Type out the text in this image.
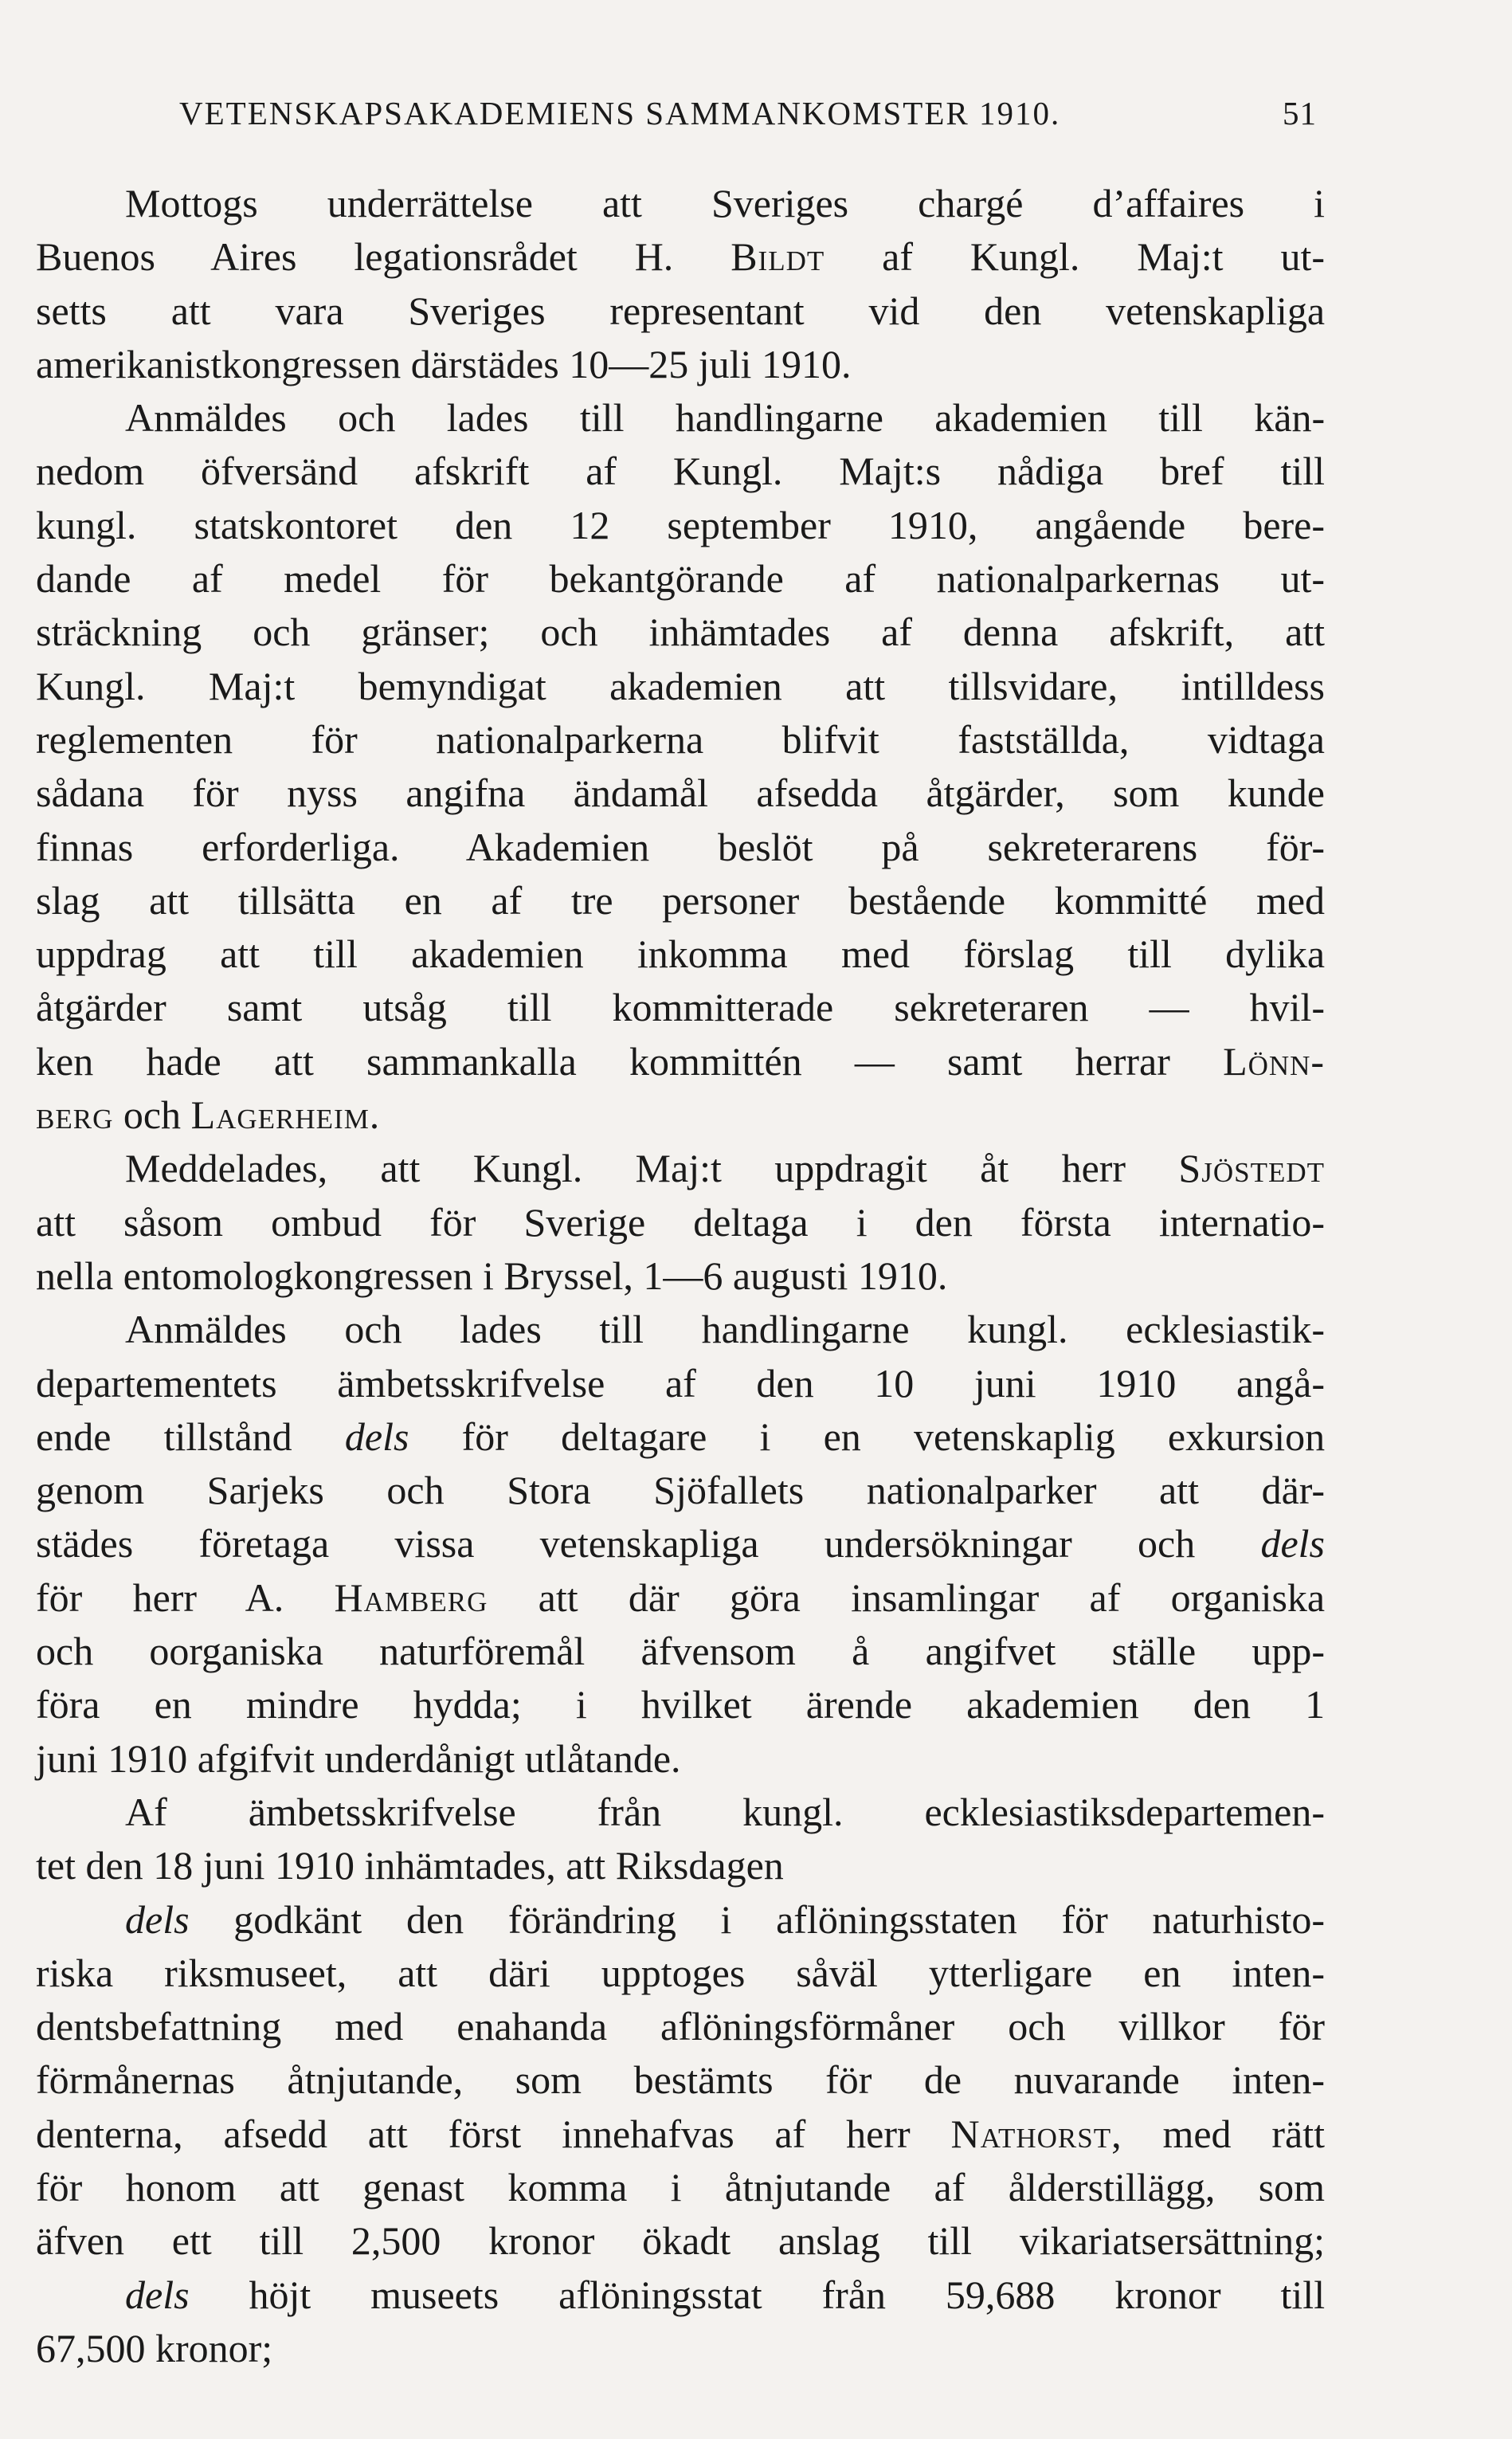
VETENSKAPSAKADEMIENS SAMMANKOMSTER 1910.	51
Mottogs underrättelse att Sveriges chargé d’affaires i
Buenos Aires legationsrådet H. Bildt af Kungl. Maj:t ut-
setts att vara Sveriges representant vid den vetenskapliga
amerikanistkongressen därstädes 10—25 juli 1910.
Anmäldes och lades till handlingarne akademien till kän-
nedom öfversänd afskrift af Kungl. Majt:s nådiga bref till
kungl. statskontoret den 12 september 1910, angående bere-
dande af medel för bekantgörande af nationalparkernas ut-
sträckning och gränser; och inhämtades af denna afskrift, att
Kungl. Maj:t bemyndigat akademien att tillsvidare, intilldess
reglementen för nationalparkerna blifvit fastställda, vidtaga
sådana för nyss angifna ändamål afsedda åtgärder, som kunde
finnas erforderliga. Akademien beslöt på sekreterarens för-
slag att tillsätta en af tre personer bestående kommitté med
uppdrag att till akademien inkomma med förslag till dylika
åtgärder samt utsåg till kommitterade sekreteraren — hvil-
ken hade att sammankalla kommittén — samt herrar Lönn-
berg och Lagerheim.
Meddelades, att Kungl. Maj:t uppdragit åt herr Sjöstedt
att såsom ombud för Sverige deltaga i den första internatio-
nella entomologkongressen i Bryssel, 1—6 augusti 1910.
Anmäldes och lades till handlingarne kungl. ecklesiastik-
departementets ämbetsskrifvelse af den 10 juni 1910 angå-
ende tillstånd dels för deltagare i en vetenskaplig exkursion
genom Sarjeks och Stora Sjöfallets nationalparker att där-
städes företaga vissa vetenskapliga undersökningar och dels
för herr A. Hamberg att där göra insamlingar af organiska
och oorganiska naturföremål äfvensom å angifvet ställe upp-
föra en mindre hydda; i hvilket ärende akademien den 1
juni 1910 afgifvit underdånigt utlåtande.
Af ämbetsskrifvelse från kungl. ecklesiastiksdepartemen-
tet den 18 juni 1910 inhämtades, att Riksdagen
dels godkänt den förändring i aflöningsstaten för naturhisto-
riska riksmuseet, att däri upptoges såväl ytterligare en inten-
dentsbefattning med enahanda aflöningsförmåner och villkor för
förmånernas åtnjutande, som bestämts för de nuvarande inten-
denterna, afsedd att först innehafvas af herr Nathorst, med rätt
för honom att genast komma i åtnjutande af ålderstillägg, som
äfven ett till 2,500 kronor ökadt anslag till vikariatsersättning;
dels höjt museets aflöningsstat från 59,688 kronor till
67,500 kronor;
